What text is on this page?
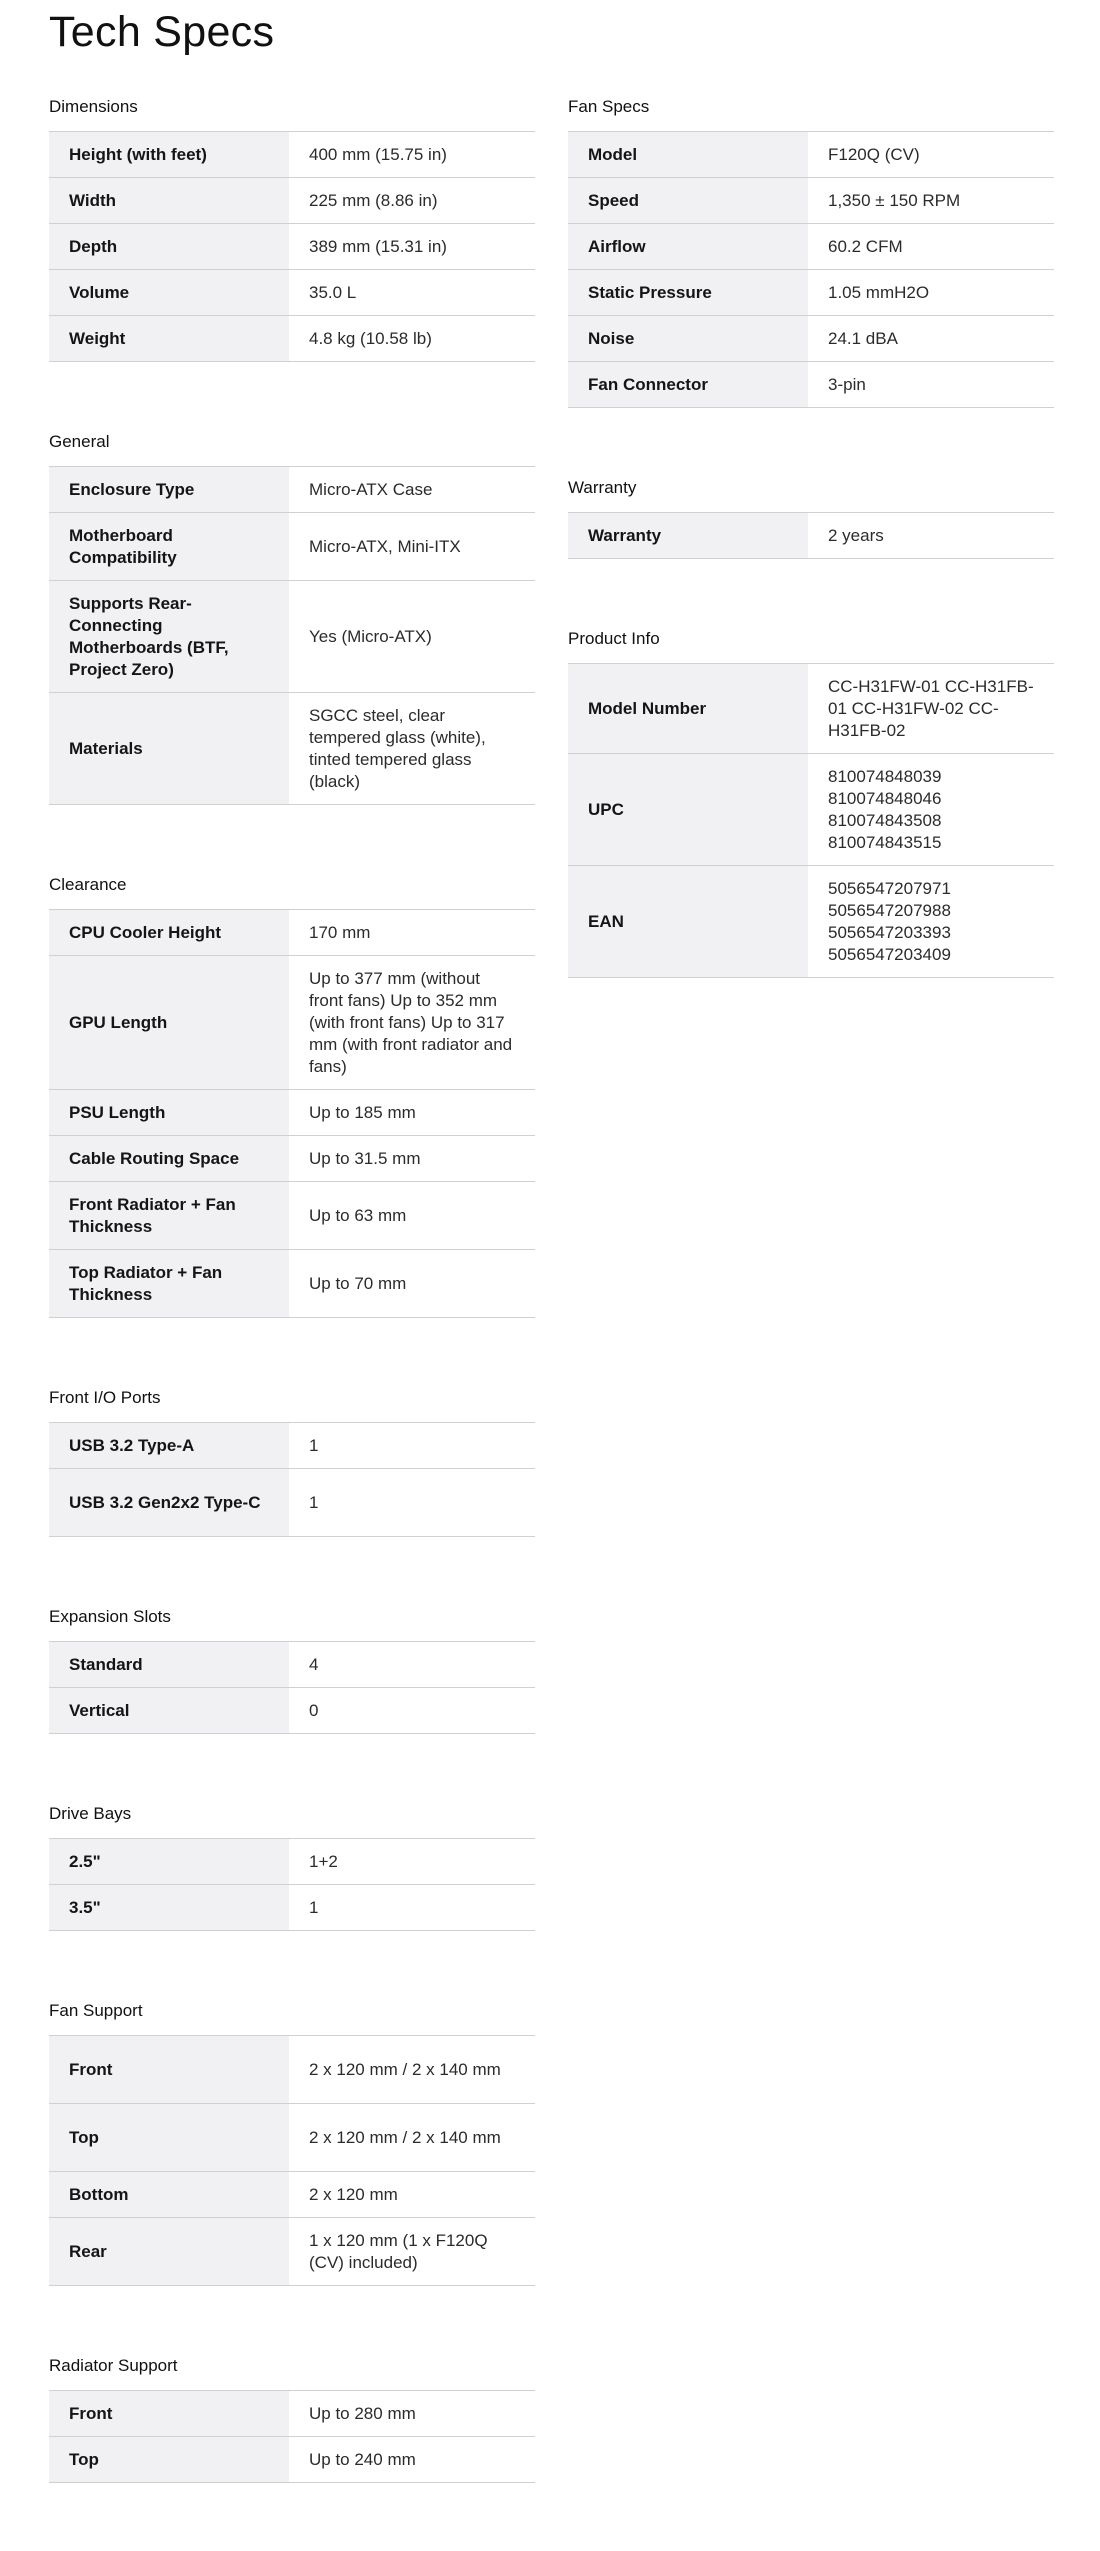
Tech Specs
Dimensions
Height (with feet)	400 mm (15.75 in)
Width	225 mm (8.86 in)
Depth	389 mm (15.31 in)
Volume	35.0 L
Weight	4.8 kg (10.58 lb)
General
Enclosure Type	Micro-ATX Case
Motherboard Compatibility	Micro-ATX, Mini-ITX
Supports Rear-Connecting Motherboards (BTF, Project Zero)	Yes (Micro-ATX)
Materials	SGCC steel, clear tempered glass (white), tinted tempered glass (black)
Clearance
CPU Cooler Height	170 mm
GPU Length	Up to 377 mm (without front fans) Up to 352 mm (with front fans) Up to 317 mm (with front radiator and fans)
PSU Length	Up to 185 mm
Cable Routing Space	Up to 31.5 mm
Front Radiator + Fan Thickness	Up to 63 mm
Top Radiator + Fan Thickness	Up to 70 mm
Front I/O Ports
USB 3.2 Type-A	1
USB 3.2 Gen2x2 Type-C	1
Expansion Slots
Standard	4
Vertical	0
Drive Bays
2.5"	1+2
3.5"	1
Fan Support
Front	2 x 120 mm / 2 x 140 mm
Top	2 x 120 mm / 2 x 140 mm
Bottom	2 x 120 mm
Rear	1 x 120 mm (1 x F120Q (CV) included)
Radiator Support
Front	Up to 280 mm
Top	Up to 240 mm
Fan Specs
Model	F120Q (CV)
Speed	1,350 ± 150 RPM
Airflow	60.2 CFM
Static Pressure	1.05 mmH2O
Noise	24.1 dBA
Fan Connector	3-pin
Warranty
Warranty	2 years
Product Info
Model Number	CC-H31FW-01 CC-H31FB-01 CC-H31FW-02 CC-H31FB-02
UPC	810074848039 810074848046 810074843508 810074843515
EAN	5056547207971 5056547207988 5056547203393 5056547203409
